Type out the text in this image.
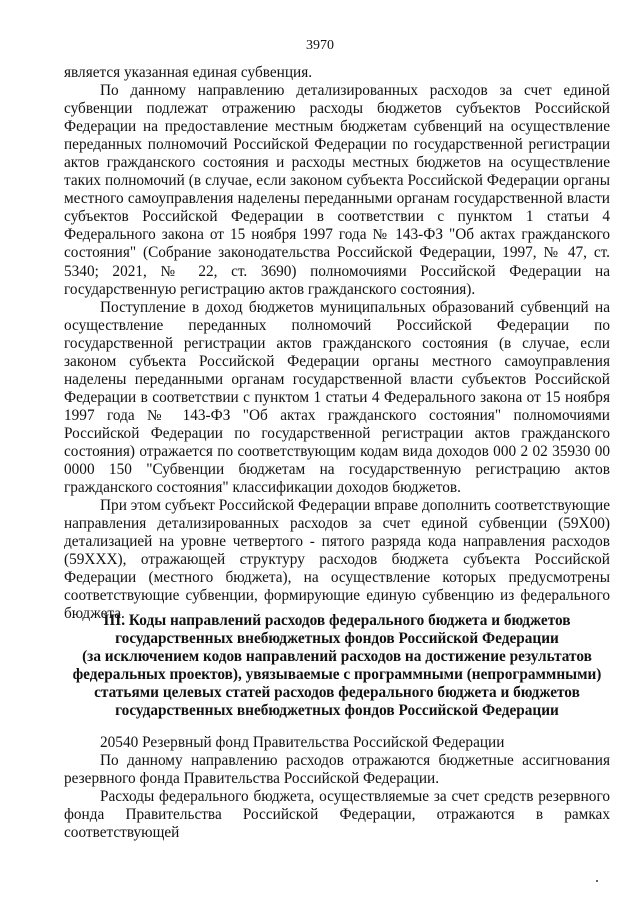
3970

является указанная единая субвенция.

По данному направлению детализированных расходов за счет единой субвенции подлежат отражению расходы бюджетов субъектов Российской Федерации на предоставление местным бюджетам субвенций на осуществление переданных полномочий Российской Федерации по государственной регистрации актов гражданского состояния и расходы местных бюджетов на осуществление таких полномочий (в случае, если законом субъекта Российской Федерации органы местного самоуправления наделены переданными органам государственной власти субъектов Российской Федерации в соответствии с пунктом 1 статьи 4 Федерального закона от 15 ноября 1997 года № 143-ФЗ "Об актах гражданского состояния" (Собрание законодательства Российской Федерации, 1997, № 47, ст. 5340; 2021, № 22, ст. 3690) полномочиями Российской Федерации на государственную регистрацию актов гражданского состояния).

Поступление в доход бюджетов муниципальных образований субвенций на осуществление переданных полномочий Российской Федерации по государственной регистрации актов гражданского состояния (в случае, если законом субъекта Российской Федерации органы местного самоуправления наделены переданными органам государственной власти субъектов Российской Федерации в соответствии с пунктом 1 статьи 4 Федерального закона от 15 ноября 1997 года № 143-ФЗ "Об актах гражданского состояния" полномочиями Российской Федерации по государственной регистрации актов гражданского состояния) отражается по соответствующим кодам вида доходов 000 2 02 35930 00 0000 150 "Субвенции бюджетам на государственную регистрацию актов гражданского состояния" классификации доходов бюджетов.

При этом субъект Российской Федерации вправе дополнить соответствующие направления детализированных расходов за счет единой субвенции (59Х00) детализацией на уровне четвертого - пятого разряда кода направления расходов (59ХХХ), отражающей структуру расходов бюджета субъекта Российской Федерации (местного бюджета), на осуществление которых предусмотрены соответствующие субвенции, формирующие единую субвенцию из федерального бюджета.

III. Коды направлений расходов федерального бюджета и бюджетов
государственных внебюджетных фондов Российской Федерации
(за исключением кодов направлений расходов на достижение результатов
федеральных проектов), увязываемые с программными (непрограммными)
статьями целевых статей расходов федерального бюджета и бюджетов
государственных внебюджетных фондов Российской Федерации

20540 Резервный фонд Правительства Российской Федерации

По данному направлению расходов отражаются бюджетные ассигнования резервного фонда Правительства Российской Федерации.

Расходы федерального бюджета, осуществляемые за счет средств резервного фонда Правительства Российской Федерации, отражаются в рамках соответствующей
